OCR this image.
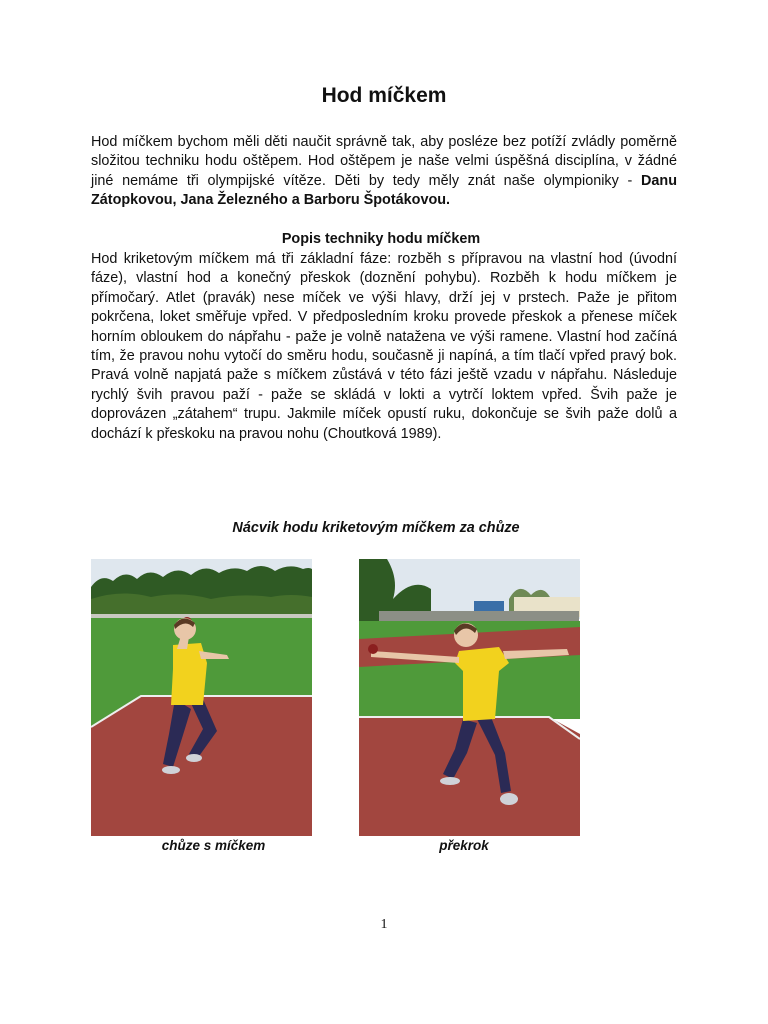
Hod míčkem

Hod míčkem bychom měli děti naučit správně tak, aby posléze bez potíží zvládly poměrně složitou techniku hodu oštěpem. Hod oštěpem je naše velmi úspěšná disciplína, v žádné jiné nemáme tři olympijské vítěze. Děti by tedy měly znát naše olympioniky - Danu Zátopkovou, Jana Železného a Barboru Špotákovou.

Popis techniky hodu míčkem

Hod kriketovým míčkem má tři základní fáze: rozběh s přípravou na vlastní hod (úvodní fáze), vlastní hod a konečný přeskok (doznění pohybu). Rozběh k hodu míčkem je přímočarý. Atlet (pravák) nese míček ve výši hlavy, drží jej v prstech. Paže je přitom pokrčena, loket směřuje vpřed. V předposledním kroku provede přeskok a přenese míček horním obloukem do nápřahu - paže je volně natažena ve výši ramene. Vlastní hod začíná tím, že pravou nohu vytočí do směru hodu, současně ji napíná, a tím tlačí vpřed pravý bok. Pravá volně napjatá paže s míčkem zůstává v této fázi ještě vzadu v nápřahu. Následuje rychlý švih pravou paží - paže se skládá v lokti a vytrčí loktem vpřed. Švih paže je doprovázen „zátahem“ trupu. Jakmile míček opustí ruku, dokončuje se švih paže dolů a dochází k přeskoku na pravou nohu (Choutková 1989).

Nácvik hodu kriketovým míčkem za chůze

chůze s míčkem	překrok

1
